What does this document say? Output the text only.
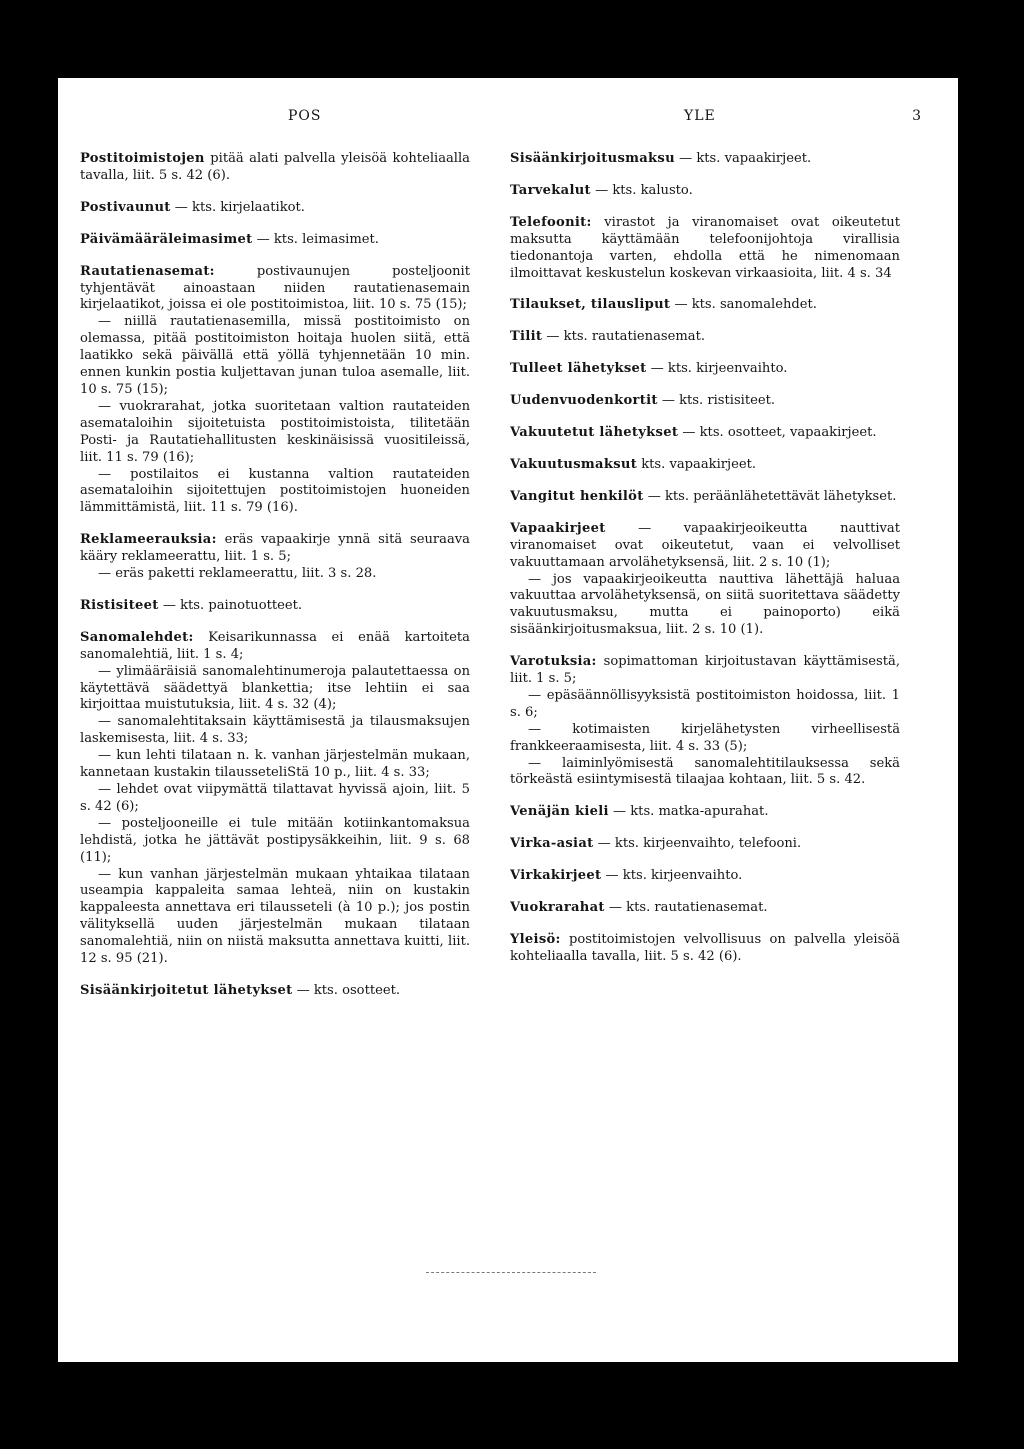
POS	YLE	3

Postitoimistojen pitää alati palvella yleisöä kohteliaalla tavalla, liit. 5 s. 42 (6).

Postivaunut — kts. kirjelaatikot.

Päivämääräleimasimet — kts. leimasimet.

Rautatienasemat: postivaunujen posteljoonit tyhjentävät ainoastaan niiden rautatienasemain kirjelaatikot, joissa ei ole postitoimistoa, liit. 10 s. 75 (15);

— niillä rautatienasemilla, missä postitoimisto on olemassa, pitää postitoimiston hoitaja huolen siitä, että laatikko sekä päivällä että yöllä tyhjennetään 10 min. ennen kunkin postia kuljettavan junan tuloa asemalle, liit. 10 s. 75 (15);

— vuokrarahat, jotka suoritetaan valtion rautateiden asemataloihin sijoitetuista postitoimistoista, tilitetään Posti- ja Rautatiehallitusten keskinäisissä vuositileissä, liit. 11 s. 79 (16);

— postilaitos ei kustanna valtion rautateiden asemataloihin sijoitettujen postitoimistojen huoneiden lämmittämistä, liit. 11 s. 79 (16).

Reklameerauksia: eräs vapaakirje ynnä sitä seuraava kääry reklameerattu, liit. 1 s. 5;

— eräs paketti reklameerattu, liit. 3 s. 28.

Ristisiteet — kts. painotuotteet.

Sanomalehdet: Keisarikunnassa ei enää kartoiteta sanomalehtiä, liit. 1 s. 4;

— ylimääräisiä sanomalehtinumeroja palautettaessa on käytettävä säädettyä blankettia; itse lehtiin ei saa kirjoittaa muistutuksia, liit. 4 s. 32 (4);

— sanomalehtitaksain käyttämisestä ja tilausmaksujen laskemisesta, liit. 4 s. 33;

— kun lehti tilataan n. k. vanhan järjestelmän mukaan, kannetaan kustakin tilausseteliStä 10 p., liit. 4 s. 33;

— lehdet ovat viipymättä tilattavat hyvissä ajoin, liit. 5 s. 42 (6);

— posteljooneille ei tule mitään kotiinkantomaksua lehdistä, jotka he jättävät postipysäkkeihin, liit. 9 s. 68 (11);

— kun vanhan järjestelmän mukaan yhtaikaa tilataan useampia kappaleita samaa lehteä, niin on kustakin kappaleesta annettava eri tilausseteli (à 10 p.); jos postin välityksellä uuden järjestelmän mukaan tilataan sanomalehtiä, niin on niistä maksutta annettava kuitti, liit. 12 s. 95 (21).

Sisäänkirjoitetut lähetykset — kts. osotteet.

Sisäänkirjoitusmaksu — kts. vapaakirjeet.

Tarvekalut — kts. kalusto.

Telefoonit: virastot ja viranomaiset ovat oikeutetut maksutta käyttämään telefoonijohtoja virallisia tiedonantoja varten, ehdolla että he nimenomaan ilmoittavat keskustelun koskevan virkaasioita, liit. 4 s. 34

Tilaukset, tilausliput — kts. sanomalehdet.

Tilit — kts. rautatienasemat.

Tulleet lähetykset — kts. kirjeenvaihto.

Uudenvuodenkortit — kts. ristisiteet.

Vakuutetut lähetykset — kts. osotteet, vapaakirjeet.

Vakuutusmaksut kts. vapaakirjeet.

Vangitut henkilöt — kts. peräänlähetettävät lähetykset.

Vapaakirjeet — vapaakirjeoikeutta nauttivat viranomaiset ovat oikeutetut, vaan ei velvolliset vakuuttamaan arvolähetyksensä, liit. 2 s. 10 (1);

— jos vapaakirjeoikeutta nauttiva lähettäjä haluaa vakuuttaa arvolähetyksensä, on siitä suoritettava säädetty vakuutusmaksu, mutta ei painoporto) eikä sisäänkirjoitusmaksua, liit. 2 s. 10 (1).

Varotuksia: sopimattoman kirjoitustavan käyttämisestä, liit. 1 s. 5;

— epäsäännöllisyyksistä postitoimiston hoidossa, liit. 1 s. 6;

— kotimaisten kirjelähetysten virheellisestä frankkeeraamisesta, liit. 4 s. 33 (5);

— laiminlyömisestä sanomalehtitilauksessa sekä törkeästä esiintymisestä tilaajaa kohtaan, liit. 5 s. 42.

Venäjän kieli — kts. matka-apurahat.

Virka-asiat — kts. kirjeenvaihto, telefooni.

Virkakirjeet — kts. kirjeenvaihto.

Vuokrarahat — kts. rautatienasemat.

Yleisö: postitoimistojen velvollisuus on palvella yleisöä kohteliaalla tavalla, liit. 5 s. 42 (6).
